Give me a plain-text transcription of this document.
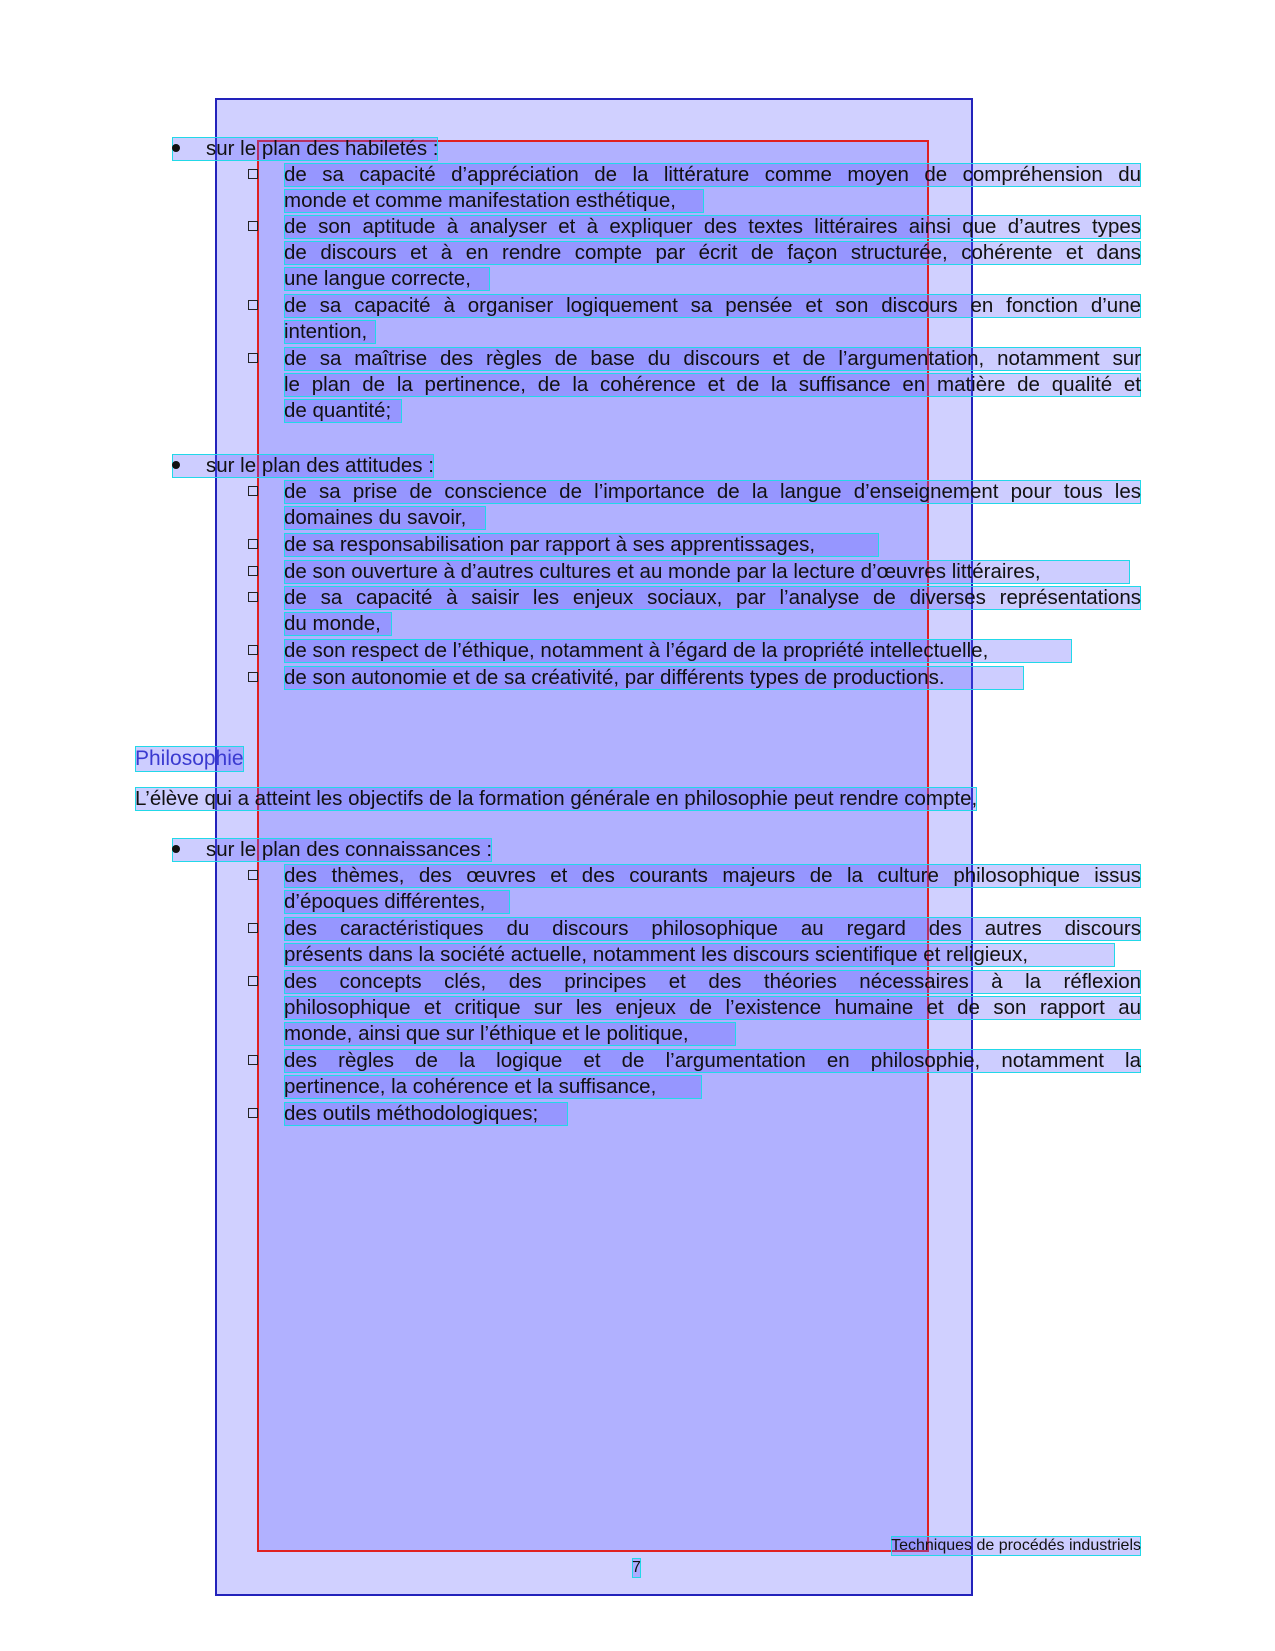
sur le plan des habiletés :
de sa capacité d’appréciation de la littérature comme moyen de compréhension du
monde et comme manifestation esthétique,
de son aptitude à analyser et à expliquer des textes littéraires ainsi que d’autres types
de discours et à en rendre compte par écrit de façon structurée, cohérente et dans
une langue correcte,
de sa capacité à organiser logiquement sa pensée et son discours en fonction d’une
intention,
de sa maîtrise des règles de base du discours et de l’argumentation, notamment sur
le plan de la pertinence, de la cohérence et de la suffisance en matière de qualité et
de quantité;
sur le plan des attitudes :
de sa prise de conscience de l’importance de la langue d’enseignement pour tous les
domaines du savoir,
de sa responsabilisation par rapport à ses apprentissages,
de son ouverture à d’autres cultures et au monde par la lecture d’œuvres littéraires,
de sa capacité à saisir les enjeux sociaux, par l’analyse de diverses représentations
du monde,
de son respect de l’éthique, notamment à l’égard de la propriété intellectuelle,
de son autonomie et de sa créativité, par différents types de productions.
Philosophie
L’élève qui a atteint les objectifs de la formation générale en philosophie peut rendre compte,
sur le plan des connaissances :
des thèmes, des œuvres et des courants majeurs de la culture philosophique issus
d’époques différentes,
des caractéristiques du discours philosophique au regard des autres discours
présents dans la société actuelle, notamment les discours scientifique et religieux,
des concepts clés, des principes et des théories nécessaires à la réflexion
philosophique et critique sur les enjeux de l’existence humaine et de son rapport au
monde, ainsi que sur l’éthique et le politique,
des règles de la logique et de l’argumentation en philosophie, notamment la
pertinence, la cohérence et la suffisance,
des outils méthodologiques;
Techniques de procédés industriels
7
